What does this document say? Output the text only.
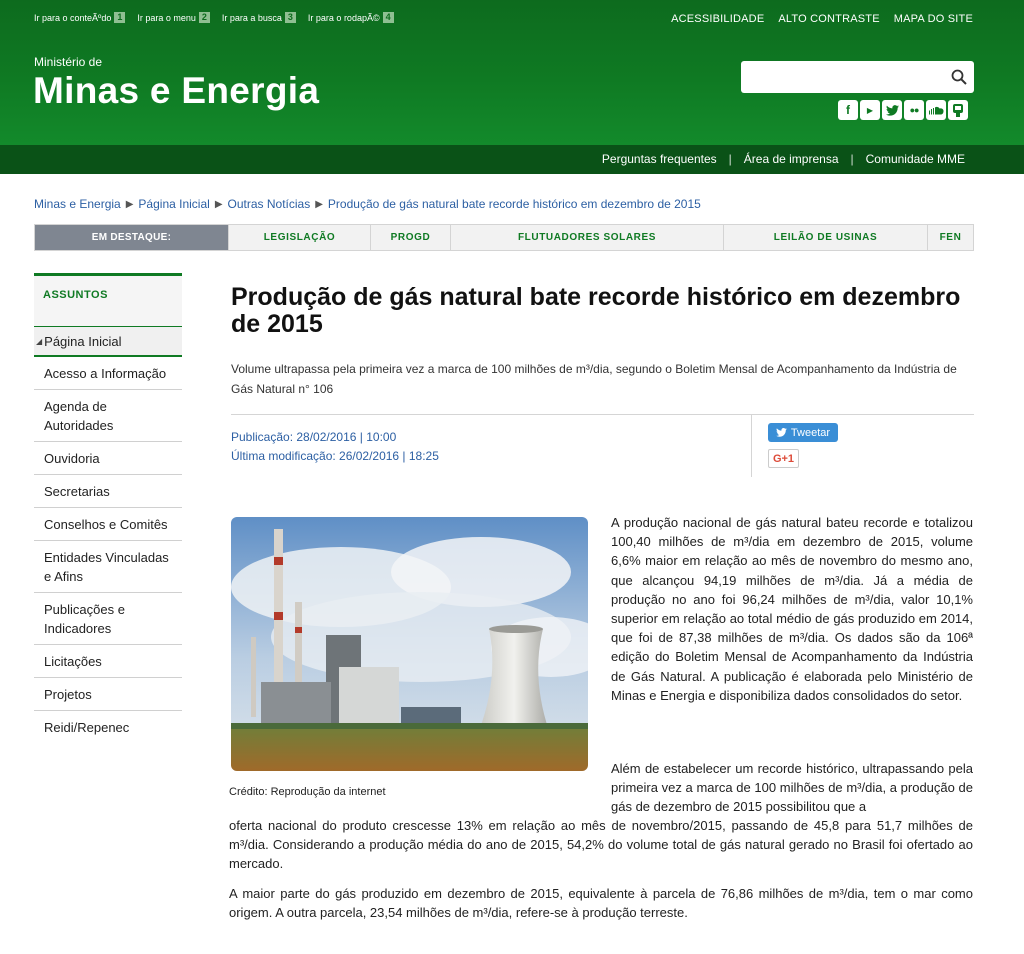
Ir para o conteÃºdo 1	Ir para o menu 2	Ir para a busca 3	Ir para o rodapÃ© 4	ACESSIBILIDADE ALTO CONTRASTE MAPA DO SITE
Ministério de
Minas e Energia	f	▶	●●
Perguntas frequentes | Área de imprensa | Comunidade MME
Minas e Energia ▶ Página Inicial ▶ Outras Notícias ▶ Produção de gás natural bate recorde histórico em dezembro de 2015
EM DESTAQUE:	LEGISLAÇÃO	PROGD	FLUTUADORES SOLARES	LEILÃO DE USINAS	FEN
ASSUNTOS
◢ Página Inicial
Acesso a Informação
Agenda de Autoridades
Ouvidoria
Secretarias
Conselhos e Comitês
Entidades Vinculadas e Afins
Publicações e Indicadores
Licitações
Projetos
Reidi/Repenec
Produção de gás natural bate recorde histórico em dezembro de 2015

Volume ultrapassa pela primeira vez a marca de 100 milhões de m³/dia, segundo o Boletim Mensal de Acompanhamento da Indústria de Gás Natural n° 106

Publicação: 28/02/2016 | 10:00
Última modificação: 26/02/2016 | 18:25
Tweetar
G+1
Crédito: Reprodução da internet

A produção nacional de gás natural bateu recorde e totalizou 100,40 milhões de m³/dia em dezembro de 2015, volume 6,6% maior em relação ao mês de novembro do mesmo ano, que alcançou 94,19 milhões de m³/dia. Já a média de produção no ano foi 96,24 milhões de m³/dia, valor 10,1% superior em relação ao total médio de gás produzido em 2014, que foi de 87,38 milhões de m³/dia. Os dados são da 106ª edição do Boletim Mensal de Acompanhamento da Indústria de Gás Natural. A publicação é elaborada pelo Ministério de Minas e Energia e disponibiliza dados consolidados do setor.

Além de estabelecer um recorde histórico, ultrapassando pela primeira vez a marca de 100 milhões de m³/dia, a produção de gás de dezembro de 2015 possibilitou que a

oferta nacional do produto crescesse 13% em relação ao mês de novembro/2015, passando de 45,8 para 51,7 milhões de m³/dia. Considerando a produção média do ano de 2015, 54,2% do volume total de gás natural gerado no Brasil foi ofertado ao mercado.

A maior parte do gás produzido em dezembro de 2015, equivalente à parcela de 76,86 milhões de m³/dia, tem o mar como origem. A outra parcela, 23,54 milhões de m³/dia, refere-se à produção terreste.
